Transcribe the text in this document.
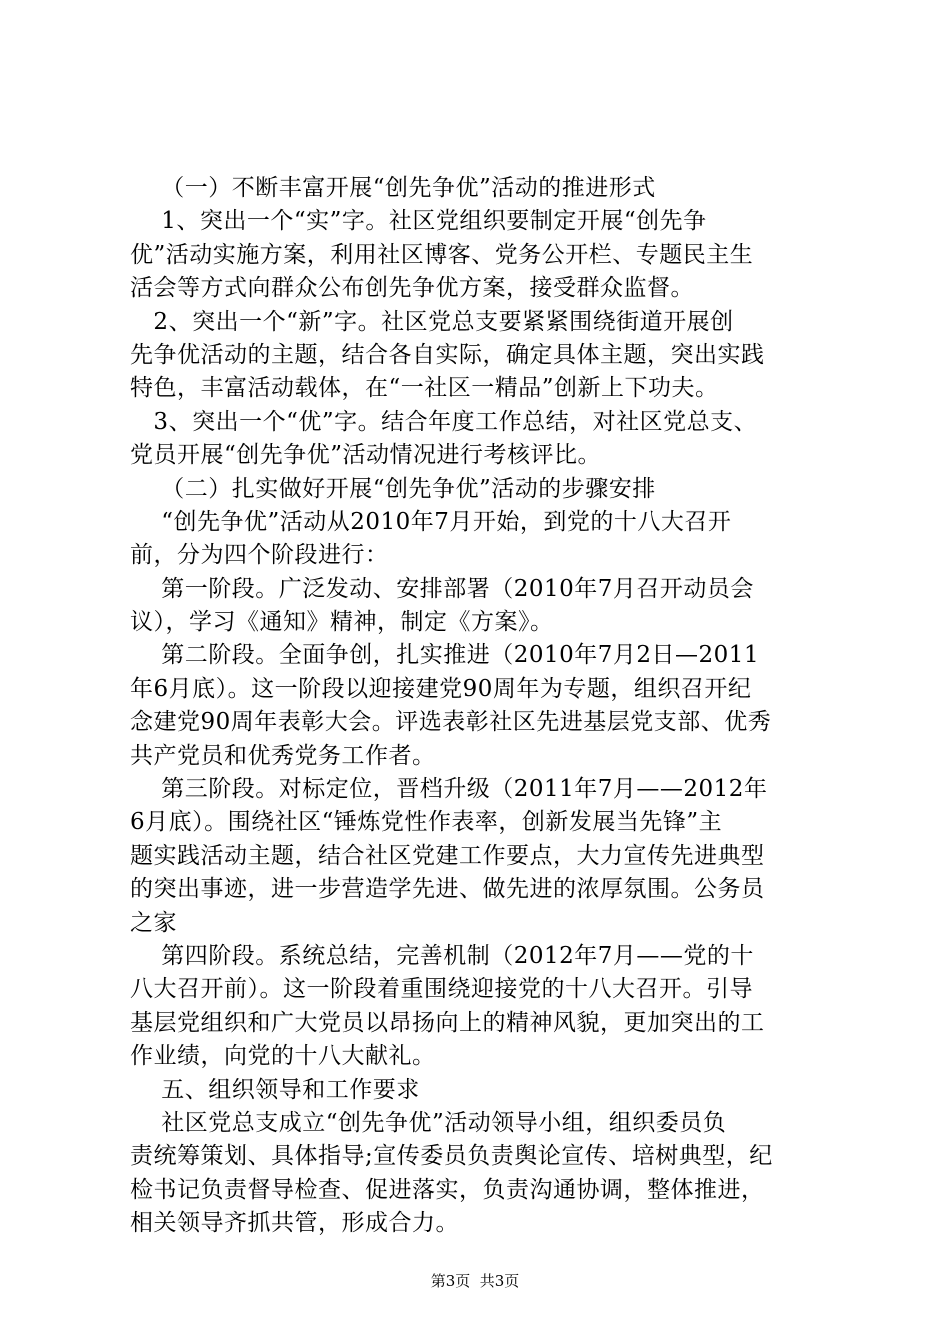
（一）不断丰富开展“创先争优”活动的推进形式
1、突出一个“实”字。社区党组织要制定开展“创先争
优”活动实施方案，利用社区博客、党务公开栏、专题民主生
活会等方式向群众公布创先争优方案，接受群众监督。
2、突出一个“新”字。社区党总支要紧紧围绕街道开展创
先争优活动的主题，结合各自实际，确定具体主题，突出实践
特色，丰富活动载体，在“一社区一精品”创新上下功夫。
3、突出一个“优”字。结合年度工作总结，对社区党总支、
党员开展“创先争优”活动情况进行考核评比。
（二）扎实做好开展“创先争优”活动的步骤安排
“创先争优”活动从2010年7月开始，到党的十八大召开
前，分为四个阶段进行：
第一阶段。广泛发动、安排部署（2010年7月召开动员会
议），学习《通知》精神，制定《方案》。
第二阶段。全面争创，扎实推进（2010年7月2日—2011
年6月底）。这一阶段以迎接建党90周年为专题，组织召开纪
念建党90周年表彰大会。评选表彰社区先进基层党支部、优秀
共产党员和优秀党务工作者。
第三阶段。对标定位，晋档升级（2011年7月——2012年
6月底）。围绕社区“锤炼党性作表率，创新发展当先锋”主
题实践活动主题，结合社区党建工作要点，大力宣传先进典型
的突出事迹，进一步营造学先进、做先进的浓厚氛围。公务员
之家
第四阶段。系统总结，完善机制（2012年7月——党的十
八大召开前）。这一阶段着重围绕迎接党的十八大召开。引导
基层党组织和广大党员以昂扬向上的精神风貌，更加突出的工
作业绩，向党的十八大献礼。
五、组织领导和工作要求
社区党总支成立“创先争优”活动领导小组，组织委员负
责统筹策划、具体指导;宣传委员负责舆论宣传、培树典型，纪
检书记负责督导检查、促进落实，负责沟通协调，整体推进，
相关领导齐抓共管，形成合力。
第3页  共3页
